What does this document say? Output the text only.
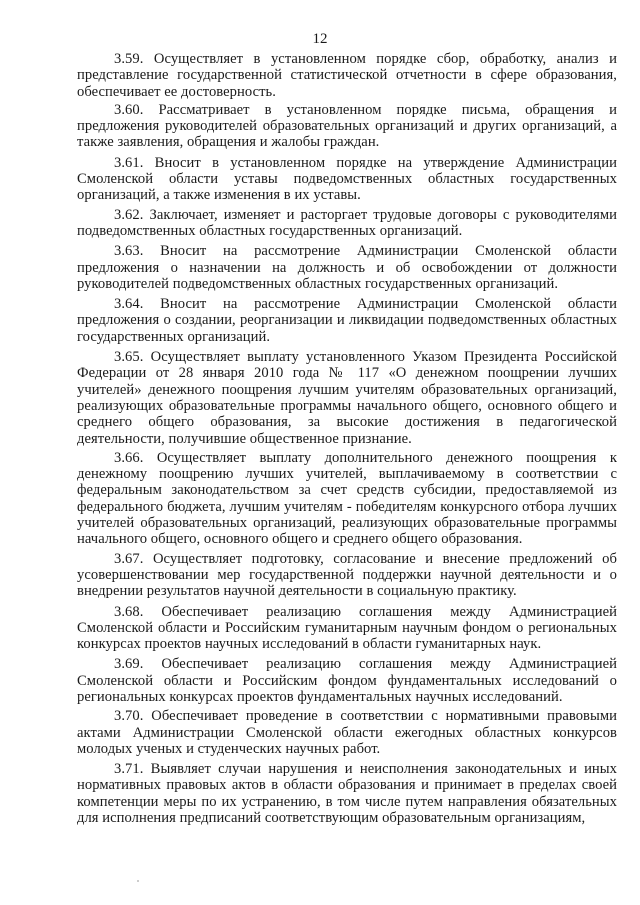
12

3.59. Осуществляет в установленном порядке сбор, обработку, анализ и представление государственной статистической отчетности в сфере образования, обеспечивает ее достоверность.

3.60. Рассматривает в установленном порядке письма, обращения и предложения руководителей образовательных организаций и других организаций, а также заявления, обращения и жалобы граждан.

3.61. Вносит в установленном порядке на утверждение Администрации Смоленской области уставы подведомственных областных государственных организаций, а также изменения в их уставы.

3.62. Заключает, изменяет и расторгает трудовые договоры с руководителями подведомственных областных государственных организаций.

3.63. Вносит на рассмотрение Администрации Смоленской области предложения о назначении на должность и об освобождении от должности руководителей подведомственных областных государственных организаций.

3.64. Вносит на рассмотрение Администрации Смоленской области предложения о создании, реорганизации и ликвидации подведомственных областных государственных организаций.

3.65. Осуществляет выплату установленного Указом Президента Российской Федерации от 28 января 2010 года № 117 «О денежном поощрении лучших учителей» денежного поощрения лучшим учителям образовательных организаций, реализующих образовательные программы начального общего, основного общего и среднего общего образования, за высокие достижения в педагогической деятельности, получившие общественное признание.

3.66. Осуществляет выплату дополнительного денежного поощрения к денежному поощрению лучших учителей, выплачиваемому в соответствии с федеральным законодательством за счет средств субсидии, предоставляемой из федерального бюджета, лучшим учителям - победителям конкурсного отбора лучших учителей образовательных организаций, реализующих образовательные программы начального общего, основного общего и среднего общего образования.

3.67. Осуществляет подготовку, согласование и внесение предложений об усовершенствовании мер государственной поддержки научной деятельности и о внедрении результатов научной деятельности в социальную практику.

3.68. Обеспечивает реализацию соглашения между Администрацией Смоленской области и Российским гуманитарным научным фондом о региональных конкурсах проектов научных исследований в области гуманитарных наук.

3.69. Обеспечивает реализацию соглашения между Администрацией Смоленской области и Российским фондом фундаментальных исследований о региональных конкурсах проектов фундаментальных научных исследований.

3.70. Обеспечивает проведение в соответствии с нормативными правовыми актами Администрации Смоленской области ежегодных областных конкурсов молодых ученых и студенческих научных работ.

3.71. Выявляет случаи нарушения и неисполнения законодательных и иных нормативных правовых актов в области образования и принимает в пределах своей компетенции меры по их устранению, в том числе путем направления обязательных для исполнения предписаний соответствующим образовательным организациям,
